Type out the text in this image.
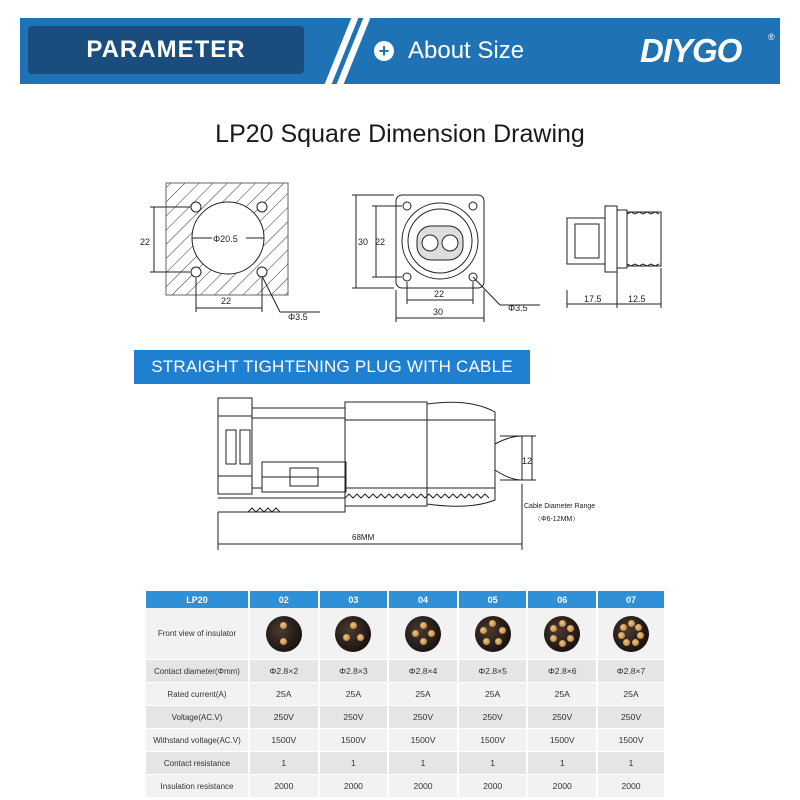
PARAMETER	+ About Size	DIYGO	®
LP20 Square Dimension Drawing
22	Φ20.5
22
Φ3.5
30 22
22
30	Φ3.5
17.5	12.5
STRAIGHT TIGHTENING PLUG WITH CABLE
12
Cable Diameter Range
（Φ6-12MM）
68MM
LP20	02	03	04	05	06	07
Front view of insulator	

Contact diameter(Φmm)	Φ2.8×2	Φ2.8×3	Φ2.8×4	Φ2.8×5	Φ2.8×6	Φ2.8×7
Rated current(A)	25A	25A	25A	25A	25A	25A
Voltage(AC.V)	250V	250V	250V	250V	250V	250V
Withstand voltage(AC.V)	1500V	1500V	1500V	1500V	1500V	1500V
Contact resistance	1	1	1	1	1	1
Insulation resistance	2000	2000	2000	2000	2000	2000
